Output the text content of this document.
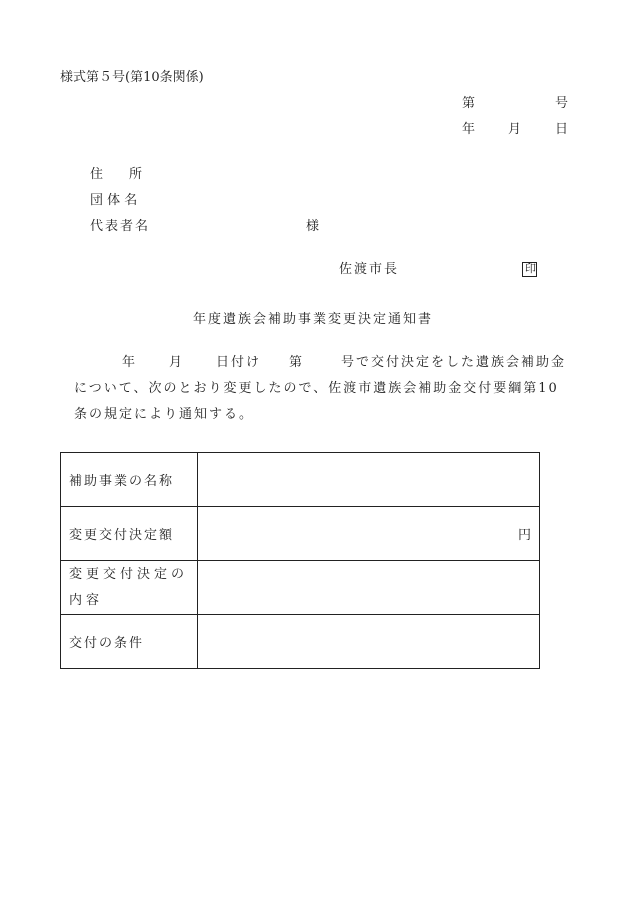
様式第５号(第10条関係)
第	号
年	月	日
住　　所
団 体 名
代表者名	様
佐渡市長	印
年度遺族会補助事業変更決定通知書
年	月	日付け 第	号で交付決定をした遺族会補助金
について、次のとおり変更したので、佐渡市遺族会補助金交付要綱第10
条の規定により通知する。
補助事業の名称	
変更交付決定額	円
変更交付決定の内容	
交付の条件	
